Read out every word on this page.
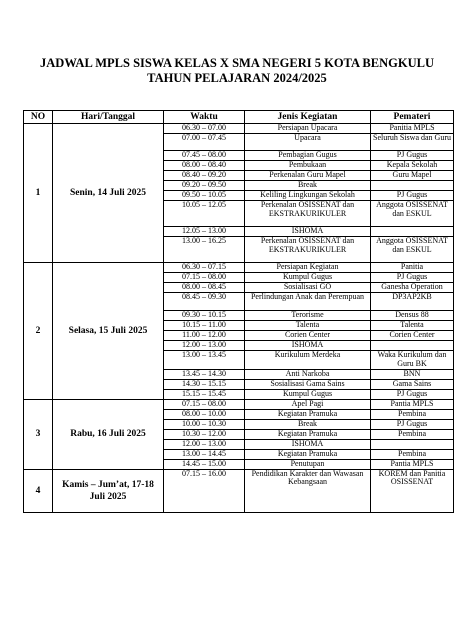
JADWAL MPLS SISWA KELAS X SMA NEGERI 5 KOTA BENGKULU
TAHUN PELAJARAN 2024/2025
NO	Hari/Tanggal	Waktu	Jenis Kegiatan	Pemateri
1	Senin, 14 Juli 2025	06.30 – 07.00	Persiapan Upacara	Panitia MPLS
		07.00 – 07.45	Upacara	Seluruh Siswa dan Guru
		07.45 – 08.00	Pembagian Gugus	PJ Gugus
		08.00 – 08.40	Pembukaan	Kepala Sekolah
		08.40 – 09.20	Perkenalan Guru Mapel	Guru Mapel
		09.20 – 09.50	Break	
		09.50 – 10.05	Keliling Lingkungan Sekolah	PJ Gugus
		10.05 – 12.05	Perkenalan OSISSENAT dan EKSTRAKURIKULER	Anggota OSISSENAT dan ESKUL
		12.05 – 13.00	ISHOMA	
		13.00 – 16.25	Perkenalan OSISSENAT dan EKSTRAKURIKULER	Anggota OSISSENAT dan ESKUL
2	Selasa, 15 Juli 2025	06.30 – 07.15	Persiapan Kegiatan	Panitia
		07.15 – 08.00	Kumpul Gugus	PJ Gugus
		08.00 – 08.45	Sosialisasi GO	Ganesha Operation
		08.45 – 09.30	Perlindungan Anak dan Perempuan	DP3AP2KB
		09.30 – 10.15	Terorisme	Densus 88
		10.15 – 11.00	Talenta	Talenta
		11.00 – 12.00	Corien Center	Corien Center
		12.00 – 13.00	ISHOMA	
		13.00 – 13.45	Kurikulum Merdeka	Waka Kurikulum dan Guru BK
		13.45 – 14.30	Anti Narkoba	BNN
		14.30 – 15.15	Sosialisasi Gama Sains	Gama Sains
		15.15 – 15.45	Kumpul Gugus	PJ Gugus
3	Rabu, 16 Juli 2025	07.15 – 08.00	Apel Pagi	Pantia MPLS
		08.00 – 10.00	Kegiatan Pramuka	Pembina
		10.00 – 10.30	Break	PJ Gugus
		10.30 – 12.00	Kegiatan Pramuka	Pembina
		12.00 – 13.00	ISHOMA	
		13.00 – 14.45	Kegiatan Pramuka	Pembina
		14.45 – 15.00	Penutupan	Pantia MPLS
4	Kamis – Jum’at, 17-18 Juli 2025	07.15 – 16.00	Pendidikan Karakter dan Wawasan Kebangsaan	KOREM dan Panitia OSISSENAT
